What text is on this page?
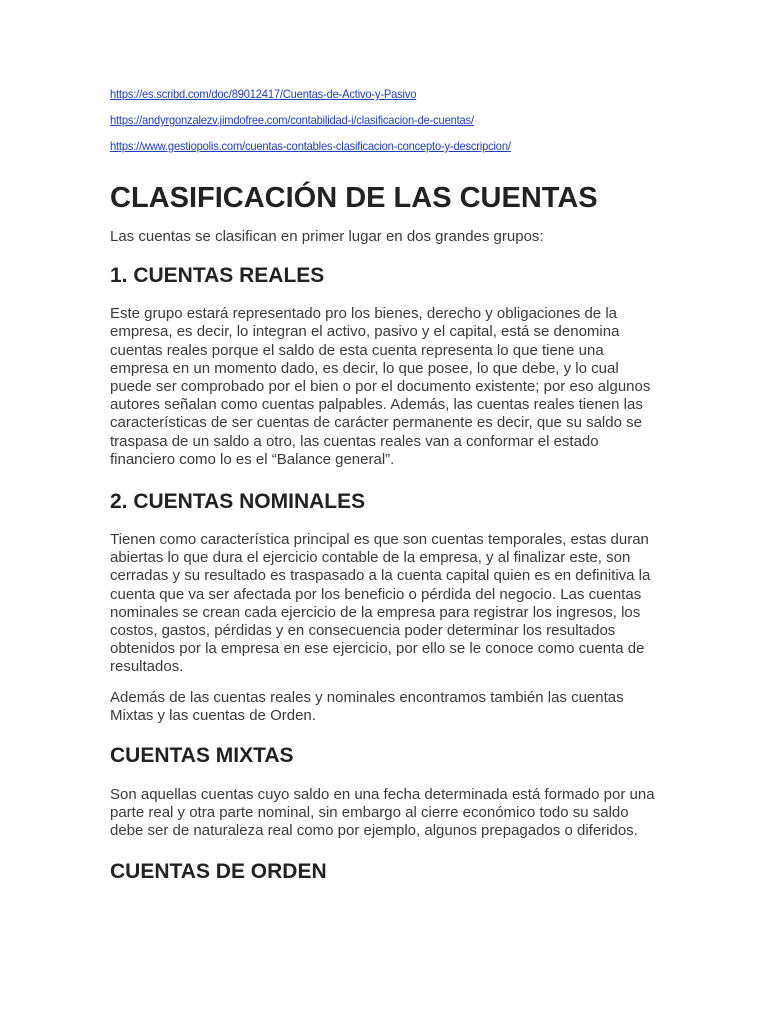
https://es.scribd.com/doc/89012417/Cuentas-de-Activo-y-Pasivo
https://andyrgonzalezv.jimdofree.com/contabilidad-i/clasificacion-de-cuentas/
https://www.gestiopolis.com/cuentas-contables-clasificacion-concepto-y-descripcion/
CLASIFICACIÓN DE LAS CUENTAS

Las cuentas se clasifican en primer lugar en dos grandes grupos:

1. CUENTAS REALES

Este grupo estará representado pro los bienes, derecho y obligaciones de la empresa, es decir, lo integran el activo, pasivo y el capital, está se denomina cuentas reales porque el saldo de esta cuenta representa lo que tiene una empresa en un momento dado, es decir, lo que posee, lo que debe, y lo cual puede ser comprobado por el bien o por el documento existente; por eso algunos autores señalan como cuentas palpables. Además, las cuentas reales tienen las características de ser cuentas de carácter permanente es decir, que su saldo se traspasa de un saldo a otro, las cuentas reales van a conformar el estado financiero como lo es el “Balance general”.

2. CUENTAS NOMINALES

Tienen como característica principal es que son cuentas temporales, estas duran abiertas lo que dura el ejercicio contable de la empresa, y al finalizar este, son cerradas y su resultado es traspasado a la cuenta capital quien es en definitiva la cuenta que va ser afectada por los beneficio o pérdida del negocio. Las cuentas nominales se crean cada ejercicio de la empresa para registrar los ingresos, los costos, gastos, pérdidas y en consecuencia poder determinar los resultados obtenidos por la empresa en ese ejercicio, por ello se le conoce como cuenta de resultados.

Además de las cuentas reales y nominales encontramos también las cuentas Mixtas y las cuentas de Orden.

CUENTAS MIXTAS

Son aquellas cuentas cuyo saldo en una fecha determinada está formado por una parte real y otra parte nominal, sin embargo al cierre económico todo su saldo debe ser de naturaleza real como por ejemplo, algunos prepagados o diferidos.

CUENTAS DE ORDEN
